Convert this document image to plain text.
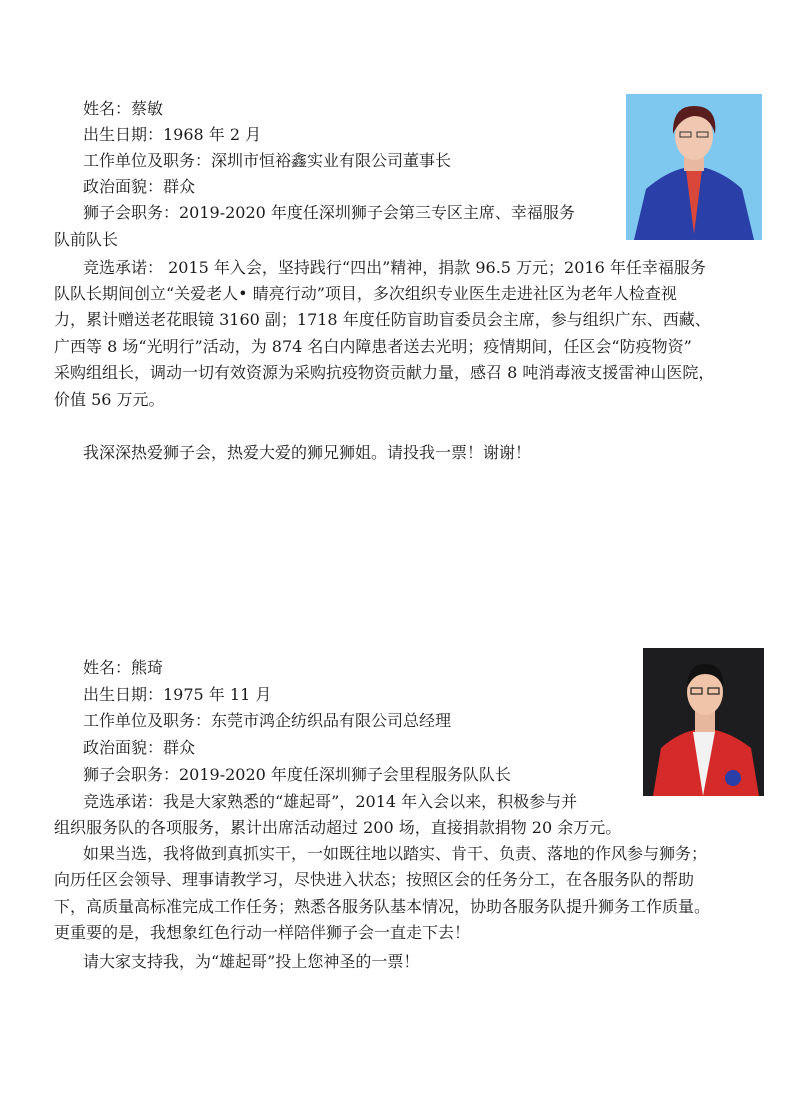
姓名：蔡敏
出生日期：1968 年 2 月
工作单位及职务：深圳市恒裕鑫实业有限公司董事长
政治面貌：群众
狮子会职务：2019-2020 年度任深圳狮子会第三专区主席、幸福服务
队前队长
竞选承诺： 2015 年入会，坚持践行“四出”精神，捐款 96.5 万元；2016 年任幸福服务
队队长期间创立“关爱老人• 睛亮行动”项目，多次组织专业医生走进社区为老年人检查视
力，累计赠送老花眼镜 3160 副；1718 年度任防盲助盲委员会主席，参与组织广东、西藏、
广西等 8 场“光明行”活动，为 874 名白内障患者送去光明；疫情期间，任区会“防疫物资”
采购组组长，调动一切有效资源为采购抗疫物资贡献力量，感召 8 吨消毒液支援雷神山医院，
价值 56 万元。
我深深热爱狮子会，热爱大爱的狮兄狮姐。请投我一票！谢谢！
姓名：熊琦
出生日期：1975 年 11 月
工作单位及职务：东莞市鸿企纺织品有限公司总经理
政治面貌：群众
狮子会职务：2019-2020 年度任深圳狮子会里程服务队队长
竞选承诺：我是大家熟悉的“雄起哥”，2014 年入会以来，积极参与并
组织服务队的各项服务，累计出席活动超过 200 场，直接捐款捐物 20 余万元。
如果当选，我将做到真抓实干，一如既往地以踏实、肯干、负责、落地的作风参与狮务；
向历任区会领导、理事请教学习，尽快进入状态；按照区会的任务分工，在各服务队的帮助
下，高质量高标准完成工作任务；熟悉各服务队基本情况，协助各服务队提升狮务工作质量。
更重要的是，我想象红色行动一样陪伴狮子会一直走下去！
请大家支持我，为“雄起哥”投上您神圣的一票！
